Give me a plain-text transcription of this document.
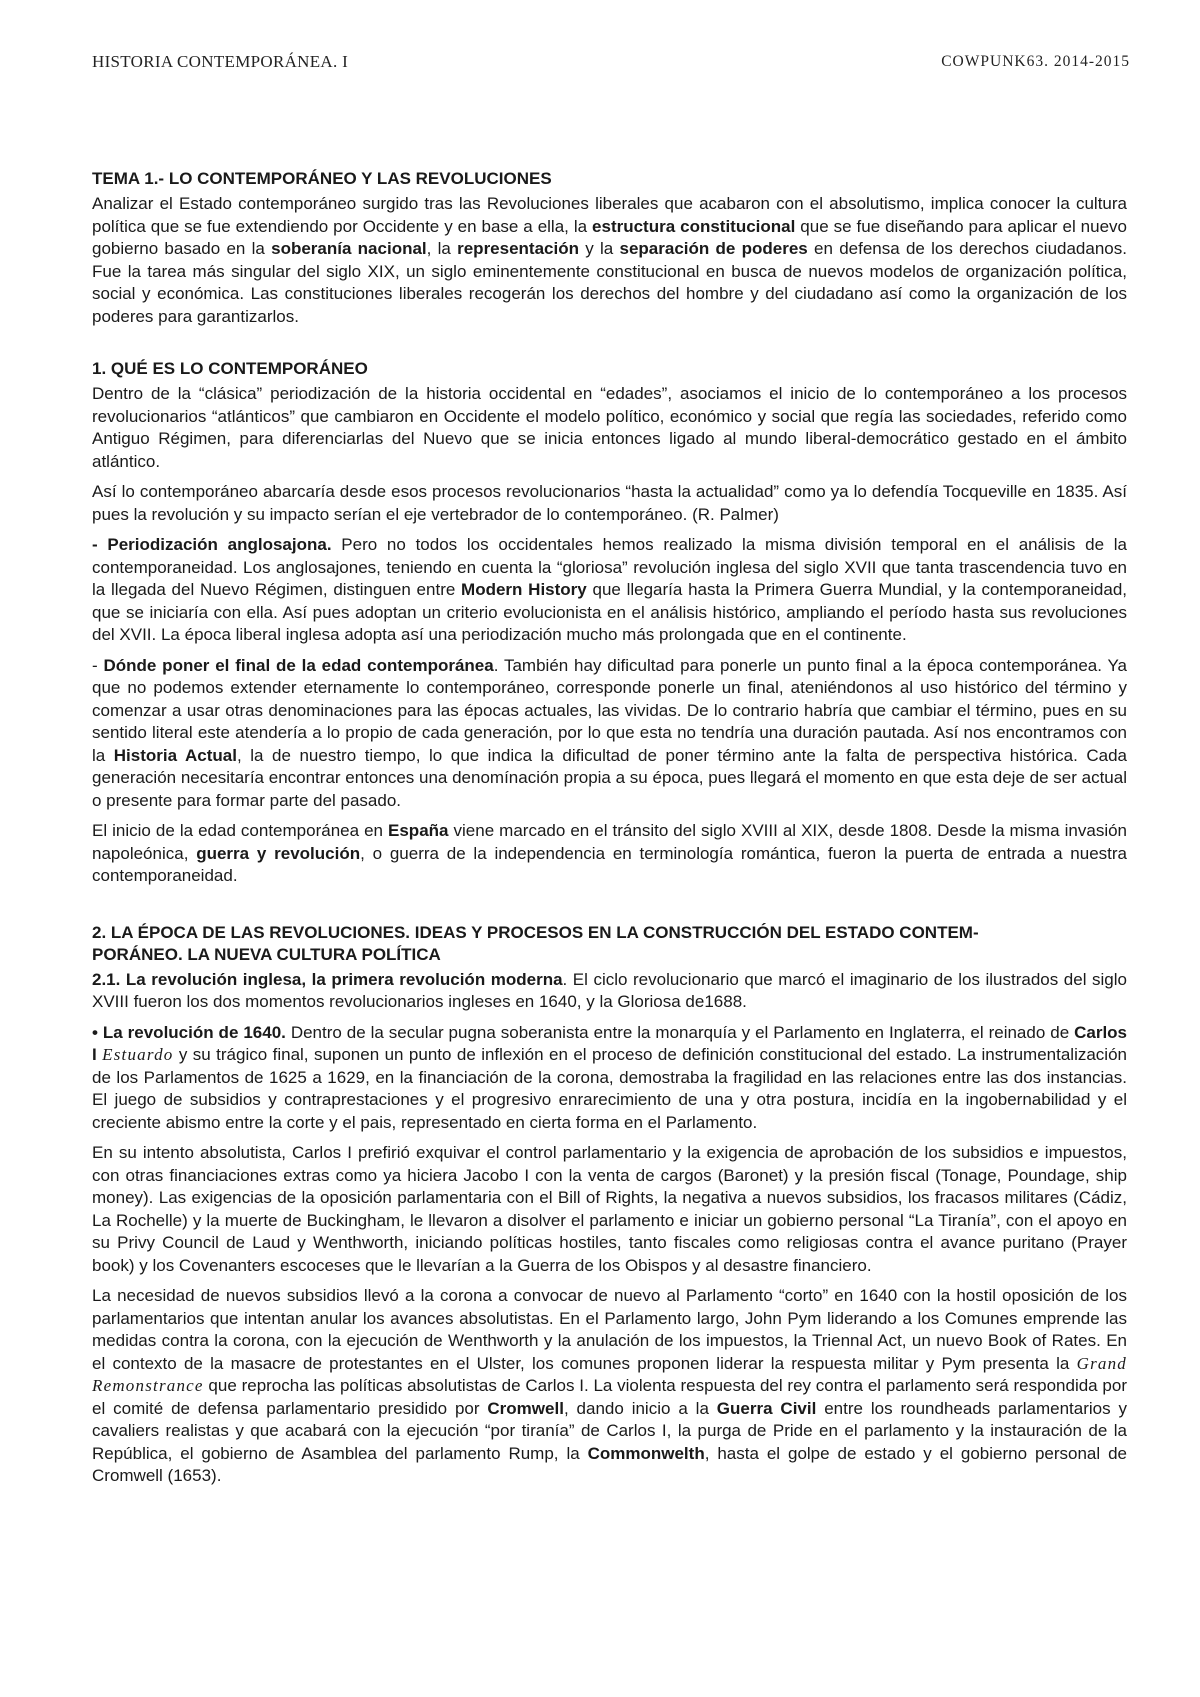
HISTORIA CONTEMPORÁNEA. I	COWPUNK63. 2014-2015
TEMA 1.- LO CONTEMPORÁNEO Y LAS REVOLUCIONES

Analizar el Estado contemporáneo surgido tras las Revoluciones liberales que acabaron con el absolutismo, implica conocer la cultura política que se fue extendiendo por Occidente y en base a ella, la estructura constitucional que se fue diseñando para aplicar el nuevo gobierno basado en la soberanía nacional, la representación y la separación de poderes en defensa de los derechos ciudadanos. Fue la tarea más singular del siglo XIX, un siglo eminentemente constitucional en busca de nuevos modelos de organización política, social y económica. Las constituciones liberales recogerán los derechos del hombre y del ciudadano así como la organización de los poderes para garantizarlos.

1. QUÉ ES LO CONTEMPORÁNEO

Dentro de la “clásica” periodización de la historia occidental en “edades”, asociamos el inicio de lo contemporáneo a los procesos revolucionarios “atlánticos” que cambiaron en Occidente el modelo político, económico y social que regía las sociedades, referido como Antiguo Régimen, para diferenciarlas del Nuevo que se inicia entonces ligado al mundo liberal-democrático gestado en el ámbito atlántico.

Así lo contemporáneo abarcaría desde esos procesos revolucionarios “hasta la actualidad” como ya lo defendía Tocqueville en 1835. Así pues la revolución y su impacto serían el eje vertebrador de lo contemporáneo. (R. Palmer)

- Periodización anglosajona. Pero no todos los occidentales hemos realizado la misma división temporal en el análisis de la contemporaneidad. Los anglosajones, teniendo en cuenta la “gloriosa” revolución inglesa del siglo XVII que tanta trascendencia tuvo en la llegada del Nuevo Régimen, distinguen entre Modern History que llegaría hasta la Primera Guerra Mundial, y la contemporaneidad, que se iniciaría con ella. Así pues adoptan un criterio evolucionista en el análisis histórico, ampliando el período hasta sus revoluciones del XVII. La época liberal inglesa adopta así una periodización mucho más prolongada que en el continente.

- Dónde poner el final de la edad contemporánea. También hay dificultad para ponerle un punto final a la época contemporánea. Ya que no podemos extender eternamente lo contemporáneo, corresponde ponerle un final, ateniéndonos al uso histórico del término y comenzar a usar otras denominaciones para las épocas actuales, las vividas. De lo contrario habría que cambiar el término, pues en su sentido literal este atendería a lo propio de cada generación, por lo que esta no tendría una duración pautada. Así nos encontramos con la Historia Actual, la de nuestro tiempo, lo que indica la dificultad de poner término ante la falta de perspectiva histórica. Cada generación necesitaría encontrar entonces una denomínación propia a su época, pues llegará el momento en que esta deje de ser actual o presente para formar parte del pasado.

El inicio de la edad contemporánea en España viene marcado en el tránsito del siglo XVIII al XIX, desde 1808. Desde la misma invasión napoleónica, guerra y revolución, o guerra de la independencia en terminología romántica, fueron la puerta de entrada a nuestra contemporaneidad.

2. LA ÉPOCA DE LAS REVOLUCIONES. IDEAS Y PROCESOS EN LA CONSTRUCCIÓN DEL ESTADO CONTEM-
PORÁNEO. LA NUEVA CULTURA POLÍTICA

2.1. La revolución inglesa, la primera revolución moderna. El ciclo revolucionario que marcó el imaginario de los ilustrados del siglo XVIII fueron los dos momentos revolucionarios ingleses en 1640, y la Gloriosa de1688.

• La revolución de 1640. Dentro de la secular pugna soberanista entre la monarquía y el Parlamento en Inglaterra, el reinado de Carlos I Estuardo y su trágico final, suponen un punto de inflexión en el proceso de definición constitucional del estado. La instrumentalización de los Parlamentos de 1625 a 1629, en la financiación de la corona, demostraba la fragilidad en las relaciones entre las dos instancias. El juego de subsidios y contraprestaciones y el progresivo enrarecimiento de una y otra postura, incidía en la ingobernabilidad y el creciente abismo entre la corte y el pais, representado en cierta forma en el Parlamento.

En su intento absolutista, Carlos I prefirió exquivar el control parlamentario y la exigencia de aprobación de los subsidios e impuestos, con otras financiaciones extras como ya hiciera Jacobo I con la venta de cargos (Baronet) y la presión fiscal (Tonage, Poundage, ship money). Las exigencias de la oposición parlamentaria con el Bill of Rights, la negativa a nuevos subsidios, los fracasos militares (Cádiz, La Rochelle) y la muerte de Buckingham, le llevaron a disolver el parlamento e iniciar un gobierno personal “La Tiranía”, con el apoyo en su Privy Council de Laud y Wenthworth, iniciando políticas hostiles, tanto fiscales como religiosas contra el avance puritano (Prayer book) y los Covenanters escoceses que le llevarían a la Guerra de los Obispos y al desastre financiero.

La necesidad de nuevos subsidios llevó a la corona a convocar de nuevo al Parlamento “corto” en 1640 con la hostil oposición de los parlamentarios que intentan anular los avances absolutistas. En el Parlamento largo, John Pym liderando a los Comunes emprende las medidas contra la corona, con la ejecución de Wenthworth y la anulación de los impuestos, la Triennal Act, un nuevo Book of Rates. En el contexto de la masacre de protestantes en el Ulster, los comunes proponen liderar la respuesta militar y Pym presenta la Grand Remonstrance que reprocha las políticas absolutistas de Carlos I. La violenta respuesta del rey contra el parlamento será respondida por el comité de defensa parlamentario presidido por Cromwell, dando inicio a la Guerra Civil entre los roundheads parlamentarios y cavaliers realistas y que acabará con la ejecución “por tiranía” de Carlos I, la purga de Pride en el parlamento y la instauración de la República, el gobierno de Asamblea del parlamento Rump, la Commonwelth, hasta el golpe de estado y el gobierno personal de Cromwell (1653).
